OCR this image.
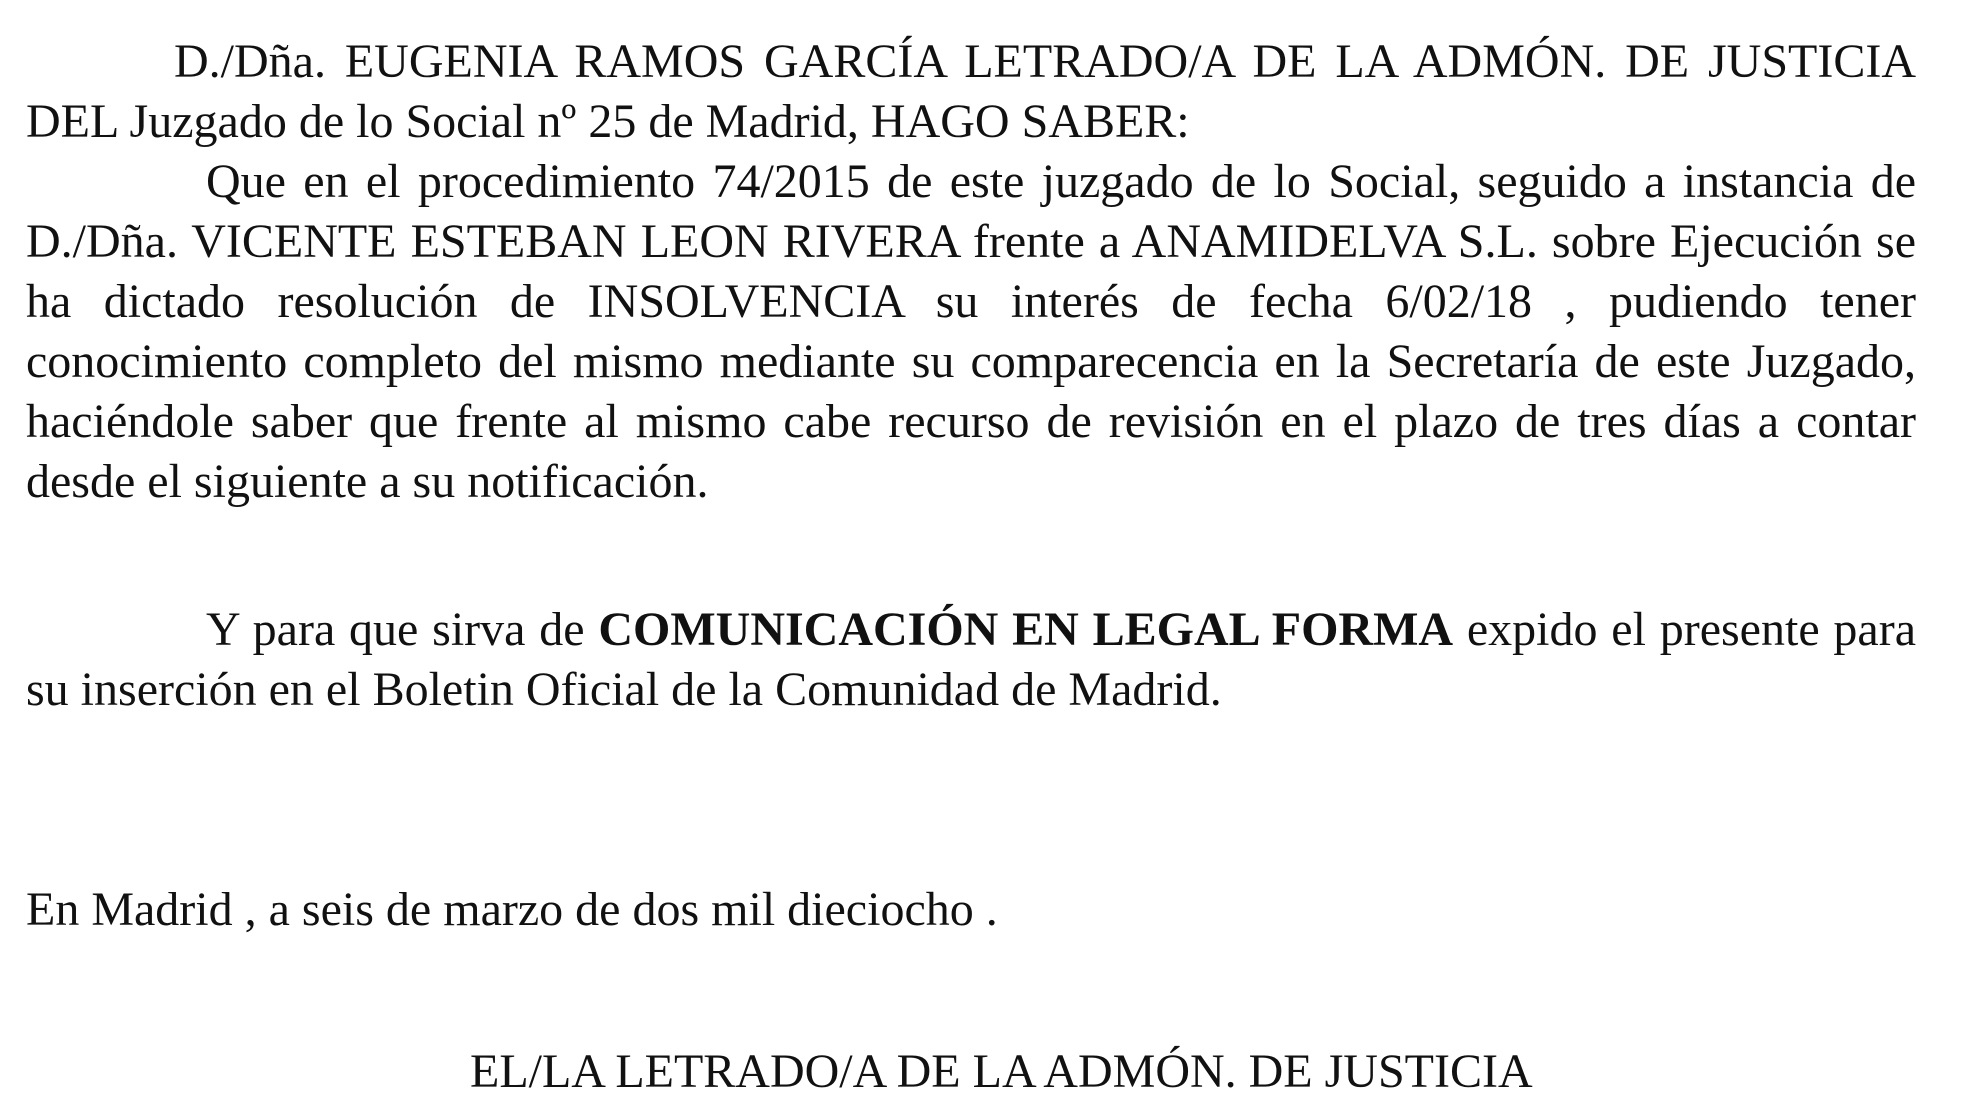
D./Dña. EUGENIA RAMOS GARCÍA LETRADO/A DE LA ADMÓN. DE JUSTICIA DEL Juzgado de lo Social nº 25 de Madrid, HAGO SABER:

Que en el procedimiento 74/2015 de este juzgado de lo Social, seguido a instancia de D./Dña. VICENTE ESTEBAN LEON RIVERA frente a ANAMIDELVA S.L. sobre Ejecución se ha dictado resolución de INSOLVENCIA su interés de fecha 6/02/18 , pudiendo tener conocimiento completo del mismo mediante su comparecencia en la Secretaría de este Juzgado, haciéndole saber que frente al mismo cabe recurso de revisión en el plazo de tres días a contar desde el siguiente a su notificación.

Y para que sirva de COMUNICACIÓN EN LEGAL FORMA expido el presente para su inserción en el Boletin Oficial de la Comunidad de Madrid.

En Madrid , a seis de marzo de dos mil dieciocho .

EL/LA LETRADO/A DE LA ADMÓN. DE JUSTICIA
